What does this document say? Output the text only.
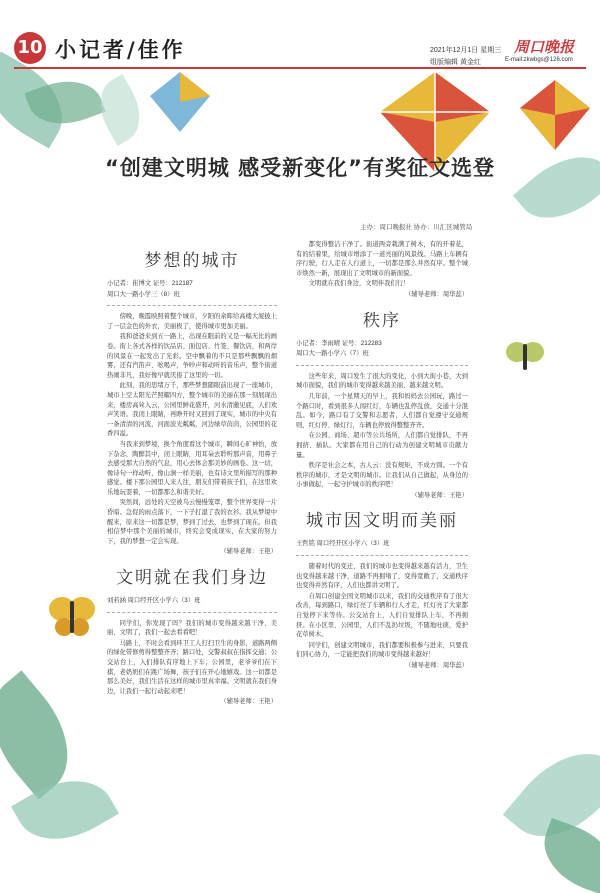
10 小记者/佳作	2021年12月1日 星期三
组版编辑 黄金红
周口晚报
E-mail:zkwbgs@126.com
“创建文明城 感受新变化”有奖征文选登
主办：周口晚报社 协办：川汇区城管局
梦想的城市

小记者：崔博文 证号：212187

周口大一路小学三（8）班

傍晚，晚霞映照着整个城市，夕阳的余晖给高楼大厦披上了一层金色的外衣，美丽极了，使得城市更加美丽。

我和爸爸来到五一路上，出现在眼前的又是一幅无比的画卷。街上各式各样的饮品店、面包店、竹签、餐饮店，和两岸的风景在一起发出了光彩。空中飘着的不只是那些飘飘的烟雾，还有汽笛声、吆喝声，争吵声和动听的音乐声，整个街道热闹非凡，我好像早就厌倦了这里的一切。

此刻，我的思绪万千，那些梦想随眼前出现了一座城市，城市上空太阳光芒照耀四方，整个城市的美丽在那一刻展现出来，楼房高耸入云，公园里鲜花盛开，河水清澈见底，人们欢声笑语。我闭上眼睛，再睁开时又回到了现实，城市的中央有一条清清的河流，河面波光粼粼，河边绿草茵茵，公园里的花香四溢。

当我来到梦境，换个角度看这个城市，瞬间心旷神怡，放下杂念，陶醉其中，闭上眼睛，用耳朵去聆听那声音，用鼻子去感受那大自然的气息，用心去体会那美妙的画卷。这一切，像诗句一样动听，像山涧一样美丽，也有诗文里所描写的那种感觉。楼下那公园里人来人往，朋友们带着孩子们，在这里欢乐地玩耍着，一切都那么和谐美好。

突然间，远处的天空被乌云慢慢笼罩，整个世界变得一片昏暗。急促的雨点落下，一下子打湿了我的衣衫。我从梦境中醒来，原来这一切都是梦，梦到了过去，也梦到了现在。但我相信梦中那个美丽的城市，终究会变成现实，在大家的努力下，我的梦想一定会实现。

（辅导老师：王艳）

文明就在我们身边

刘若涵 周口经开区小学六（3）班

同学们，你发现了吗？我们的城市变得越来越干净、美丽、文明了，我们一起去看看吧！

马路上，不时会看到环卫工人打扫卫生的身影，道路两侧的绿化带修剪得整整齐齐；路口处，交警叔叔在指挥交通；公交站台上，人们排队有序地上下车；公园里，老爷爷们在下棋，老奶奶们在跳广场舞，孩子们在开心地嬉戏。这一切都是那么美好，我们生活在这样的城市里真幸福。文明就在我们身边，让我们一起行动起来吧！

（辅导老师：王艳）

都变得整洁干净了。街道两旁栽满了树木，有的开着花，有的结着果，给城市增添了一道亮丽的风景线。马路上车辆有序行驶，行人走在人行道上，一切都是那么井然有序。整个城市焕然一新，展现出了文明城市的新面貌。

文明就在我们身边，文明伴我们行！

（辅导老师：周华蕊）

秩序

小记者：李雨晴 证号：212283

周口大一路小学六（7）班

这些年来，周口发生了很大的变化，小到大街小巷，大到城市面貌，我们的城市变得越来越美丽、越来越文明。

几年前，一个星期天的早上，我和妈妈去公园玩，路过一个路口时，看到很多人闯红灯，车辆也乱停乱放，交通十分混乱。如今，路口有了交警和志愿者，人们都自觉遵守交通规则，红灯停、绿灯行，车辆也停放得整整齐齐。

在公园、商场、超市等公共场所，人们都自觉排队，不再拥挤、插队。大家都在用自己的行动为创建文明城市贡献力量。

秩序是社会之本，古人云：没有规矩，不成方圆。一个有秩序的城市，才是文明的城市。让我们从自己做起，从身边的小事做起，一起守护城市的秩序吧！

（辅导老师：王艳）

城市因文明而美丽

王哲铭 周口经开区小学六（3）班

随着时代的变迁，我们的城市也变得越来越有活力，卫生也变得越来越干净，道路不再拥堵了，变得宽敞了，交通秩序也变得井然有序，人们也都讲文明了。

自周口创建全国文明城市以来，我们的交通秩序有了很大改善，每到路口，绿灯亮了车辆和行人才走，红灯亮了大家都自觉停下来等待。公交站台上，人们自觉排队上车，不再拥挤。在小区里、公园里，人们不乱扔垃圾，不随地吐痰，爱护花草树木。

同学们，创建文明城市，我们都要积极参与进来，只要我们同心协力，一定能把我们的城市变得越来越好！

（辅导老师：周华蕊）
